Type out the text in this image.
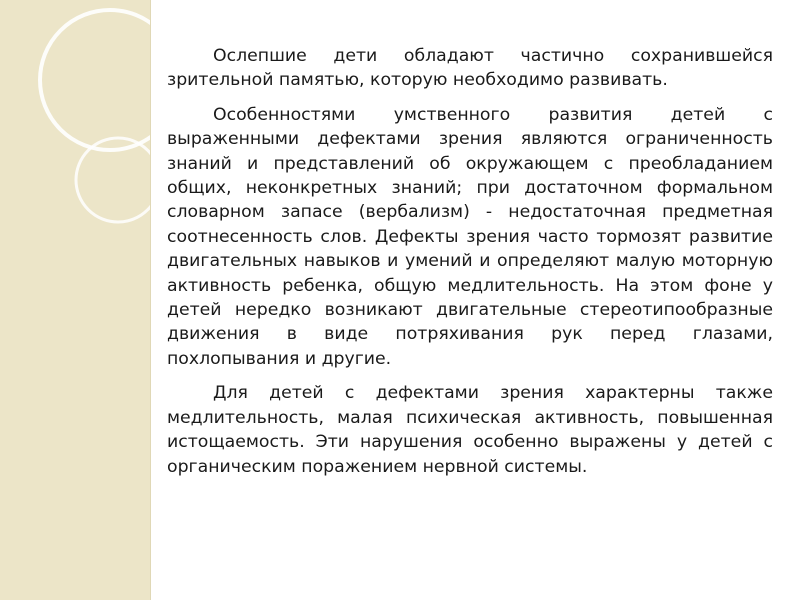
Ослепшие дети обладают частично сохранившейся зрительной памятью, которую необходимо развивать.

Особенностями умственного развития детей с выраженными дефектами зрения являются ограниченность знаний и представлений об окружающем с преобладанием общих, неконкретных знаний; при достаточном формальном словарном запасе (вербализм) - недостаточная предметная соотнесенность слов. Дефекты зрения часто тормозят развитие двигательных навыков и умений и определяют малую моторную активность ребенка, общую медлительность. На этом фоне у детей нередко возникают двигательные стереотипообразные движения в виде потряхивания рук перед глазами, похлопывания и другие.

Для детей с дефектами зрения характерны также медлительность, малая психическая активность, повышенная истощаемость. Эти нарушения особенно выражены у детей с органическим поражением нервной системы.
